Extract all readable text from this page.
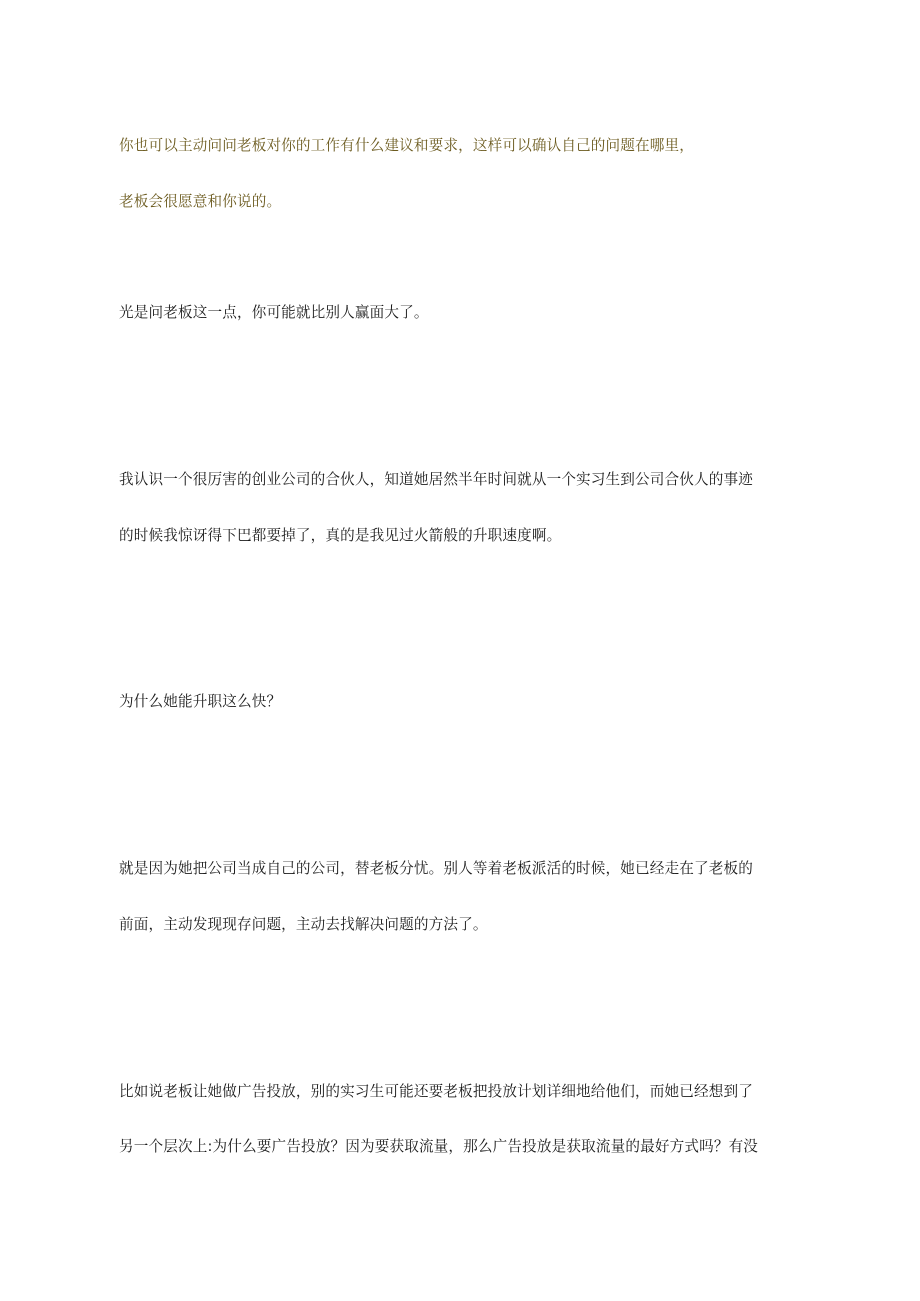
你也可以主动问问老板对你的工作有什么建议和要求，这样可以确认自己的问题在哪里，

老板会很愿意和你说的。

光是问老板这一点，你可能就比别人赢面大了。

我认识一个很厉害的创业公司的合伙人，知道她居然半年时间就从一个实习生到公司合伙人的事迹

的时候我惊讶得下巴都要掉了，真的是我见过火箭般的升职速度啊。

为什么她能升职这么快？

就是因为她把公司当成自己的公司，替老板分忧。别人等着老板派活的时候，她已经走在了老板的

前面，主动发现现存问题，主动去找解决问题的方法了。

比如说老板让她做广告投放，别的实习生可能还要老板把投放计划详细地给他们，而她已经想到了

另一个层次上:为什么要广告投放？因为要获取流量，那么广告投放是获取流量的最好方式吗？有没
